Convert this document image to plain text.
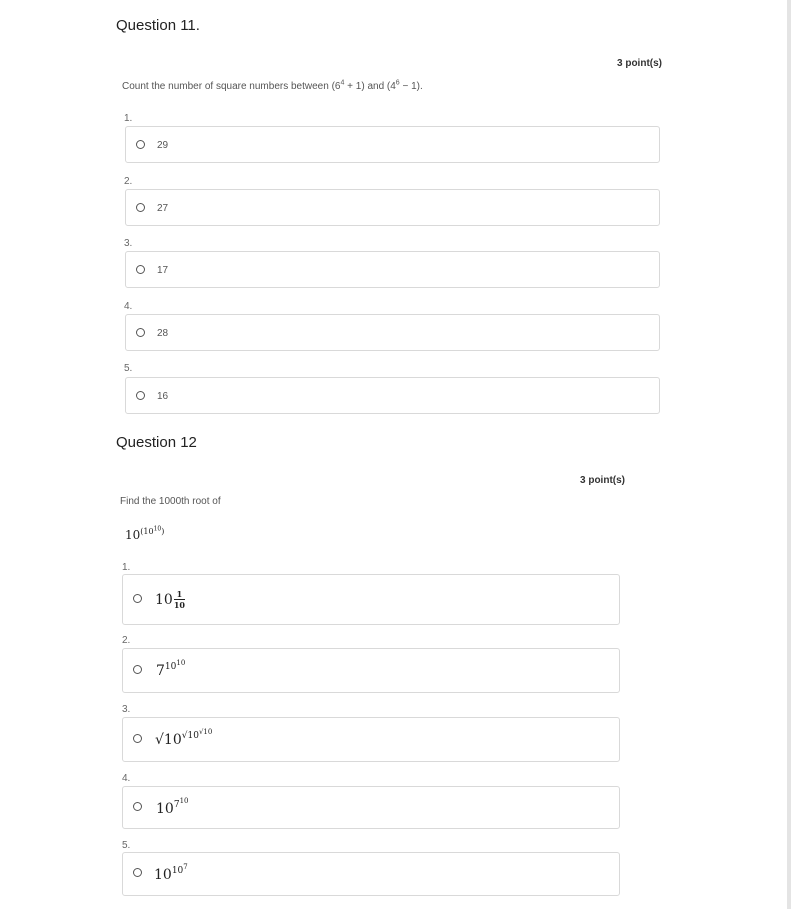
Question 11.
3 point(s)
Count the number of square numbers between $(6^4 + 1)$ and $(4^6 - 1)$.
1.
29
2.
27
3.
17
4.
28
5.
16
Question 12
3 point(s)
Find the 1000th root of
$10^{(10^{10})}$
1.
$10 \frac{1}{10}$
2.
$7^{10^{10}}$
3.
$√10^{√10^{√10}}$
4.
$10^{7^{10}}$
5.
$10^{10^7}$
